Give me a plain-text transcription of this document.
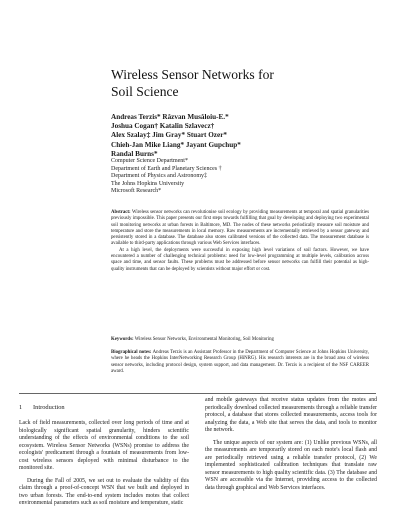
Wireless Sensor Networks for
Soil Science
Andreas Terzis* Răzvan Musăloiu-E.*
Joshua Cogan† Katalin Szlavecz†
Alex Szalay‡ Jim Gray* Stuart Ozer*
Chieh-Jan Mike Liang* Jayant Gupchup*
Randal Burns*
Computer Science Department*
Department of Earth and Planetary Sciences †
Department of Physics and Astronomy‡
The Johns Hopkins University
Microsoft Research*

Abstract: Wireless sensor networks can revolutionise soil ecology by providing measurements at temporal and spatial granularities previously impossible. This paper presents our first steps towards fulfilling that goal by developing and deploying two experimental soil monitoring networks at urban forests in Baltimore, MD. The nodes of these networks periodically measure soil moisture and temperature and store the measurements in local memory. Raw measurements are incrementally retrieved by a sensor gateway and persistently stored in a database. The database also stores calibrated versions of the collected data. The measurement database is available to third-party applications through various Web Services interfaces.

At a high level, the deployments were successful in exposing high level variations of soil factors. However, we have encountered a number of challenging technical problems: need for low-level programming at multiple levels, calibration across space and time, and sensor faults. These problems must be addressed before sensor networks can fulfill their potential as high-quality instruments that can be deployed by scientists without major effort or cost.

Keywords: Wireless Sensor Networks, Environmental Monitoring, Soil Monitoring

Biographical notes: Andreas Terzis is an Assistant Professor in the Department of Computer Science at Johns Hopkins University, where he heads the Hopkins InterNetworking Research Group (HiNRG). His research interests are in the broad area of wireless sensor networks, including protocol design, system support, and data management. Dr. Terzis is a recipient of the NSF CAREER award.

1 Introduction

Lack of field measurements, collected over long periods of time and at biologically significant spatial granularity, hinders scientific understanding of the effects of environmental conditions to the soil ecosystem. Wireless Sensor Networks (WSNs) promise to address the ecologists' predicament through a fountain of measurements from low-cost wireless sensors deployed with minimal disturbance to the monitored site.

During the Fall of 2005, we set out to evaluate the validity of this claim through a proof-of-concept WSN that we built and deployed in two urban forests. The end-to-end system includes motes that collect environmental parameters such as soil moisture and temperature, static

and mobile gateways that receive status updates from the motes and periodically download collected measurements through a reliable transfer protocol, a database that stores collected measurements, access tools for analyzing the data, a Web site that serves the data, and tools to monitor the network.

The unique aspects of our system are: (1) Unlike previous WSNs, all the measurements are temporarily stored on each mote's local flash and are periodically retrieved using a reliable transfer protocol, (2) We implemented sophisticated calibration techniques that translate raw sensor measurements to high quality scientific data. (3) The database and WSN are accessible via the Internet, providing access to the collected data through graphical and Web Services interfaces.
